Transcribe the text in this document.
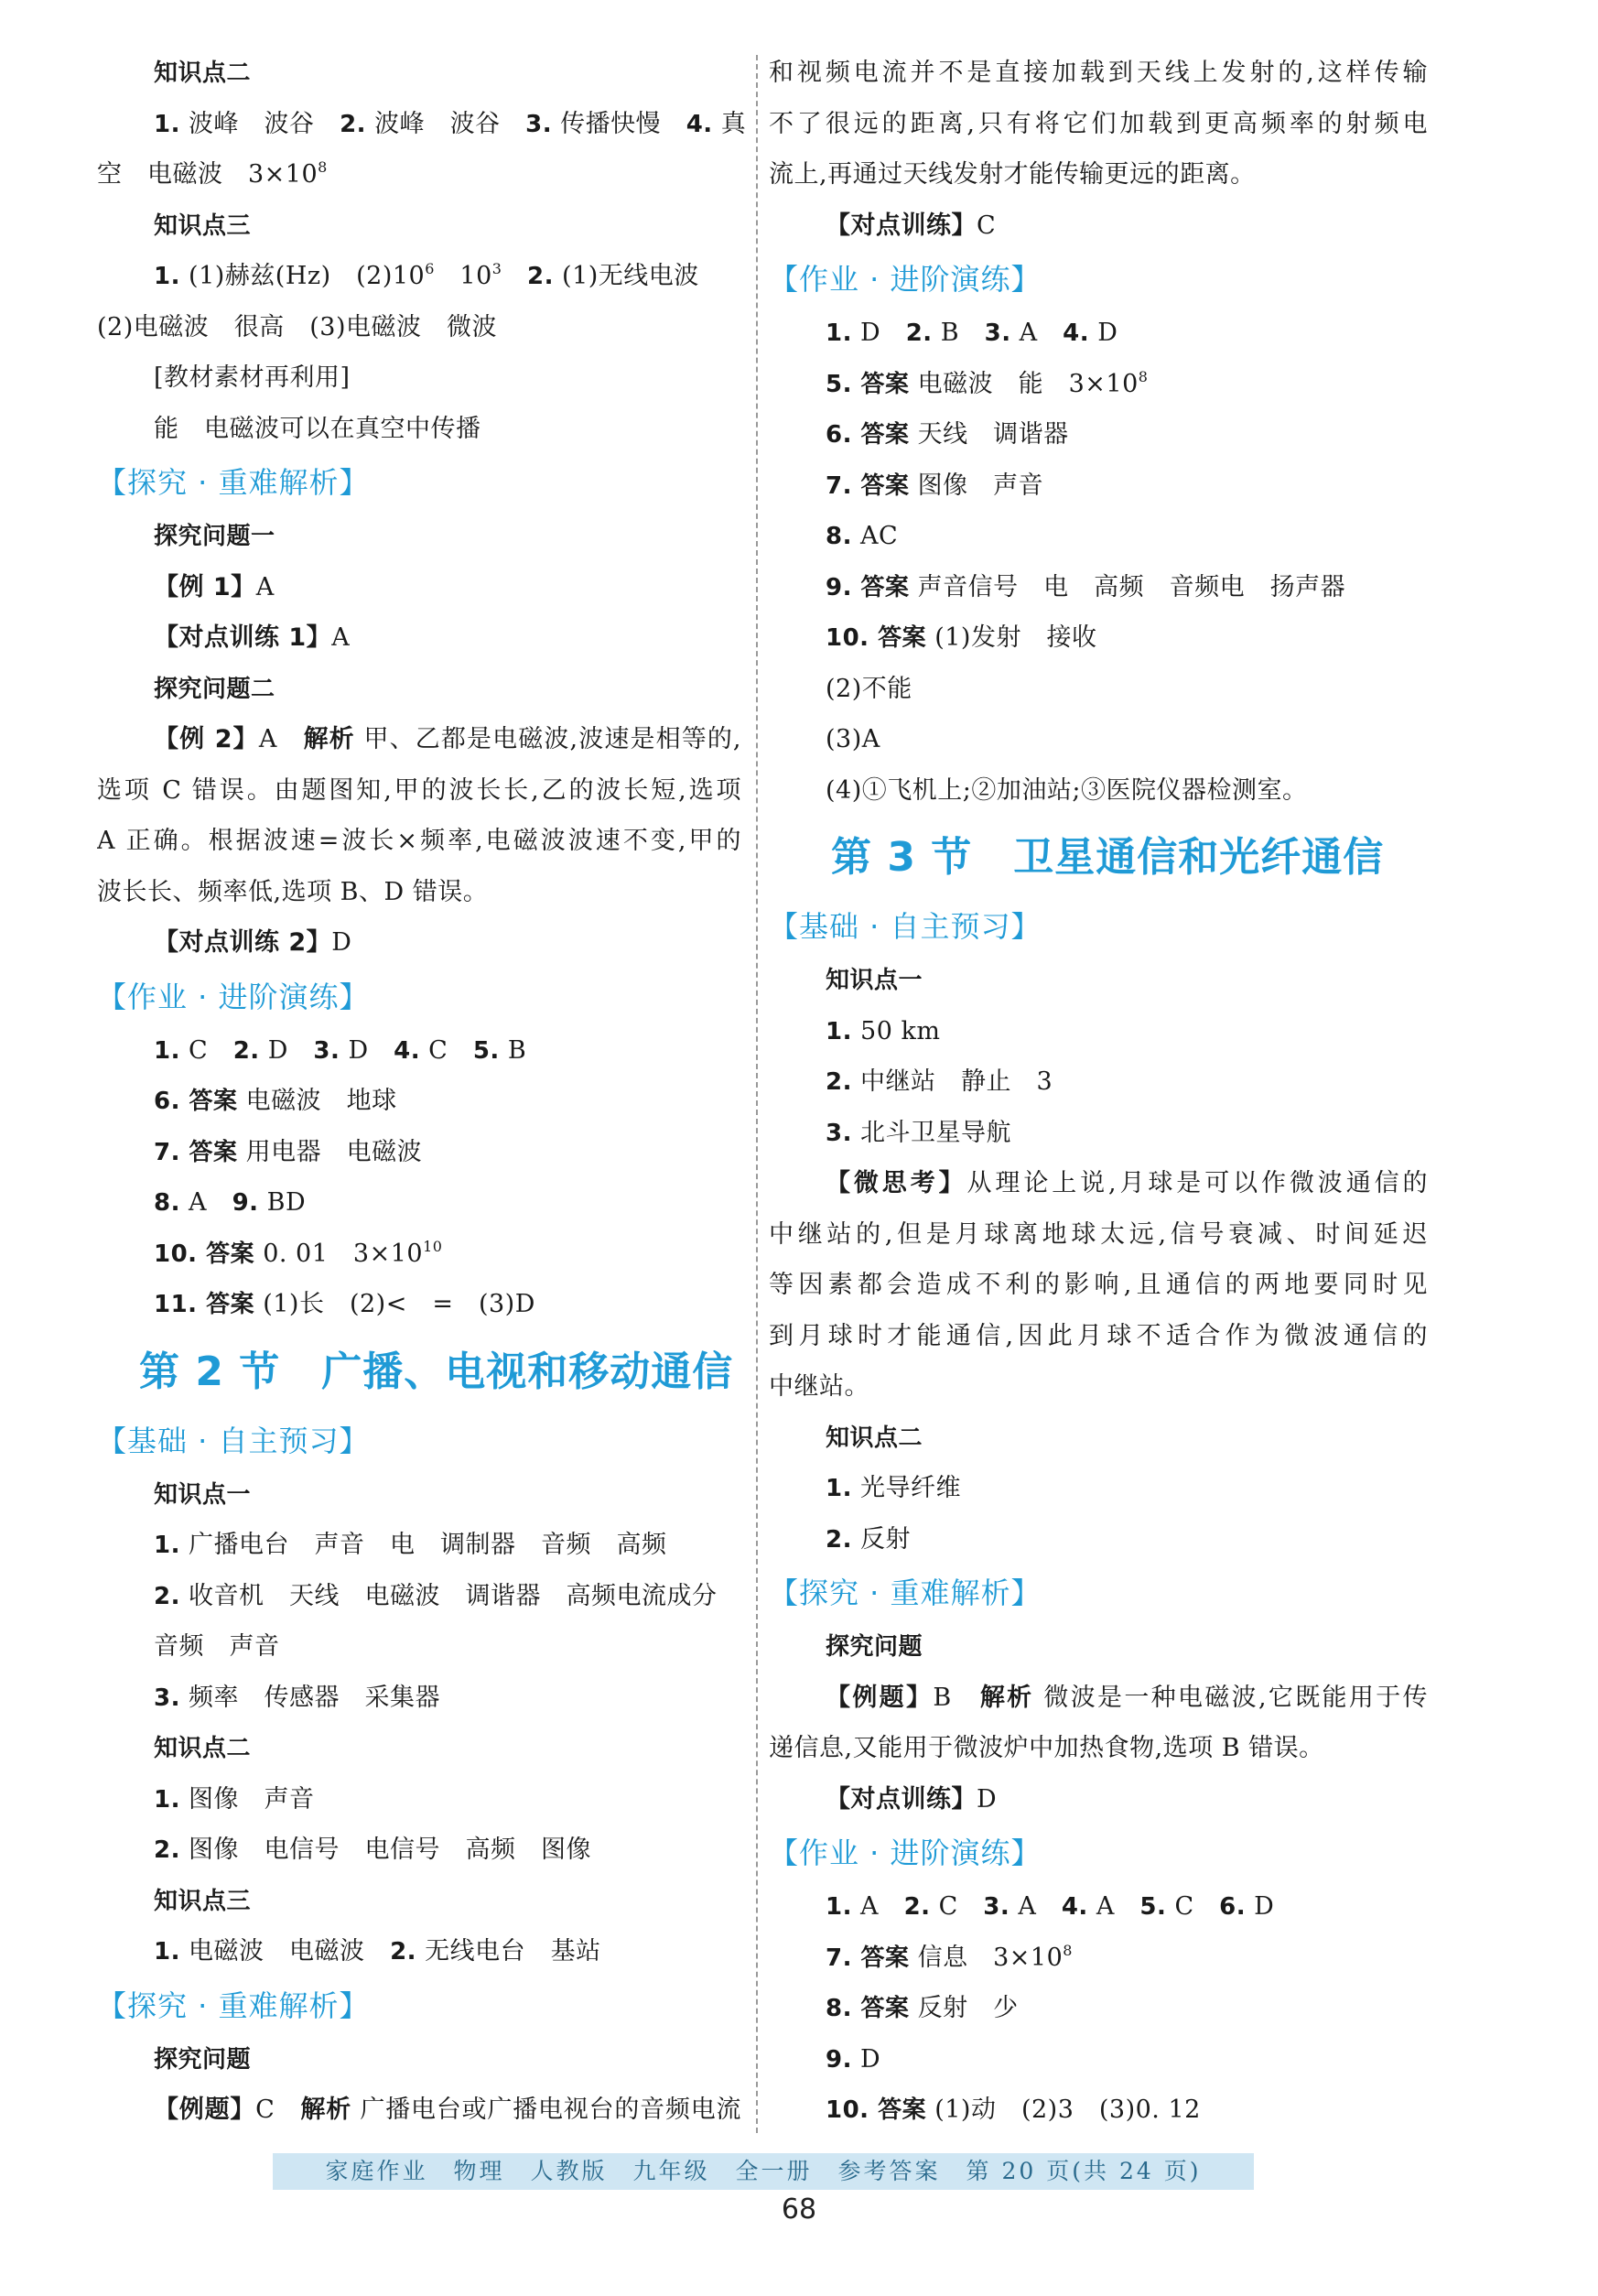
知识点二
1. 波峰　波谷　2. 波峰　波谷　3. 传播快慢　4. 真
空　电磁波　$3\times 10^8$
知识点三
1. (1)赫兹(Hz)　$(2)10^6$　$10^3$　 2. (1)无线电波
(2)电磁波　很高　(3)电磁波　微波
[教材素材再利用]
能　电磁波可以在真空中传播
【探究 · 重难解析】
探究问题一
【例 1】A
【对点训练 1】A
探究问题二
【例 2】A　解析 甲、乙都是电磁波,波速是相等的,
选项 C 错误。由题图知,甲的波长长,乙的波长短,选项
A 正确。根据波速=波长×频率,电磁波波速不变,甲的
波长长、频率低,选项 B、D 错误。
【对点训练 2】D
【作业 · 进阶演练】
1. C　2. D　3. D　4. C　5. B
6. 答案 电磁波　地球
7. 答案 用电器　电磁波
8. A　9. BD
10. 答案 0. 01　$3\times 10^{10}$
11. 答案 (1)长　(2)<　=　(3)D
第 2 节　广播、电视和移动通信
【基础 · 自主预习】
知识点一
1. 广播电台　声音　电　调制器　音频　高频
2. 收音机　天线　电磁波　调谐器　高频电流成分
音频　声音
3. 频率　传感器　采集器
知识点二
1. 图像　声音
2. 图像　电信号　电信号　高频　图像
知识点三
1. 电磁波　电磁波　2. 无线电台　基站
【探究 · 重难解析】
探究问题
【例题】C　解析 广播电台或广播电视台的音频电流
和视频电流并不是直接加载到天线上发射的,这样传输
不了很远的距离,只有将它们加载到更高频率的射频电
流上,再通过天线发射才能传输更远的距离。
【对点训练】C
【作业 · 进阶演练】
1. D　2. B　3. A　4. D
5. 答案 电磁波　能　$3\times 10^8$
6. 答案 天线　调谐器
7. 答案 图像　声音
8. AC
9. 答案 声音信号　电　高频　音频电　扬声器
10. 答案 (1)发射　接收
(2)不能
(3)A
(4)①飞机上;②加油站;③医院仪器检测室。
第 3 节　卫星通信和光纤通信
【基础 · 自主预习】
知识点一
1. 50 km
2. 中继站　静止　3
3. 北斗卫星导航
【微思考】从理论上说,月球是可以作微波通信的
中继站的,但是月球离地球太远,信号衰减、时间延迟
等因素都会造成不利的影响,且通信的两地要同时见
到月球时才能通信,因此月球不适合作为微波通信的
中继站。
知识点二
1. 光导纤维
2. 反射
【探究 · 重难解析】
探究问题
【例题】B　解析 微波是一种电磁波,它既能用于传
递信息,又能用于微波炉中加热食物,选项 B 错误。
【对点训练】D
【作业 · 进阶演练】
1. A　2. C　3. A　4. A　5. C　6. D
7. 答案 信息　$3\times 10^8$
8. 答案 反射　少
9. D
10. 答案 (1)动　(2)3　(3)0. 12
家庭作业　物理　人教版　九年级　全一册　参考答案　第 20 页(共 24 页)
68
